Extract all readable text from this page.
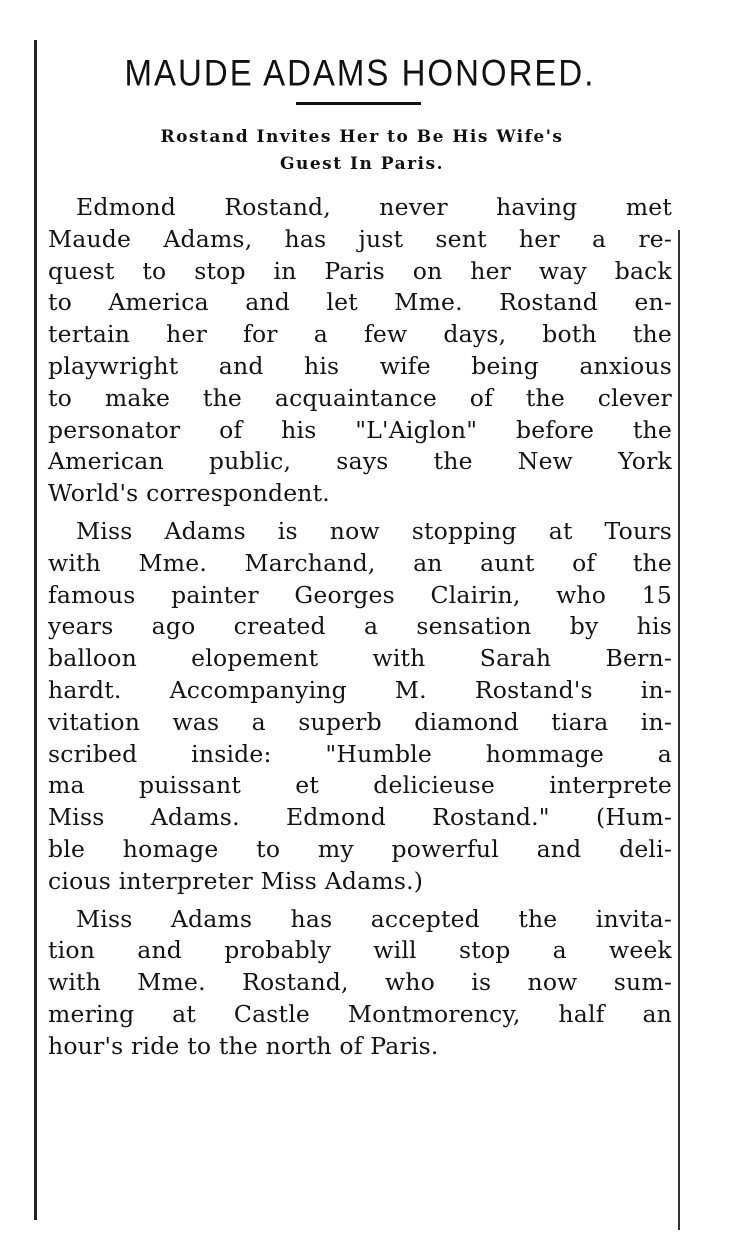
MAUDE ADAMS HONORED.
Rostand Invites Her to Be His Wife's
Guest In Paris.
Edmond Rostand, never having met
Maude Adams, has just sent her a re-
quest to stop in Paris on her way back
to America and let Mme. Rostand en-
tertain her for a few days, both the
playwright and his wife being anxious
to make the acquaintance of the clever
personator of his "L'Aiglon" before the
American public, says the New York
World's correspondent.
Miss Adams is now stopping at Tours
with Mme. Marchand, an aunt of the
famous painter Georges Clairin, who 15
years ago created a sensation by his
balloon elopement with Sarah Bern-
hardt. Accompanying M. Rostand's in-
vitation was a superb diamond tiara in-
scribed inside: "Humble hommage a
ma puissant et delicieuse interprete
Miss Adams. Edmond Rostand." (Hum-
ble homage to my powerful and deli-
cious interpreter Miss Adams.)
Miss Adams has accepted the invita-
tion and probably will stop a week
with Mme. Rostand, who is now sum-
mering at Castle Montmorency, half an
hour's ride to the north of Paris.
